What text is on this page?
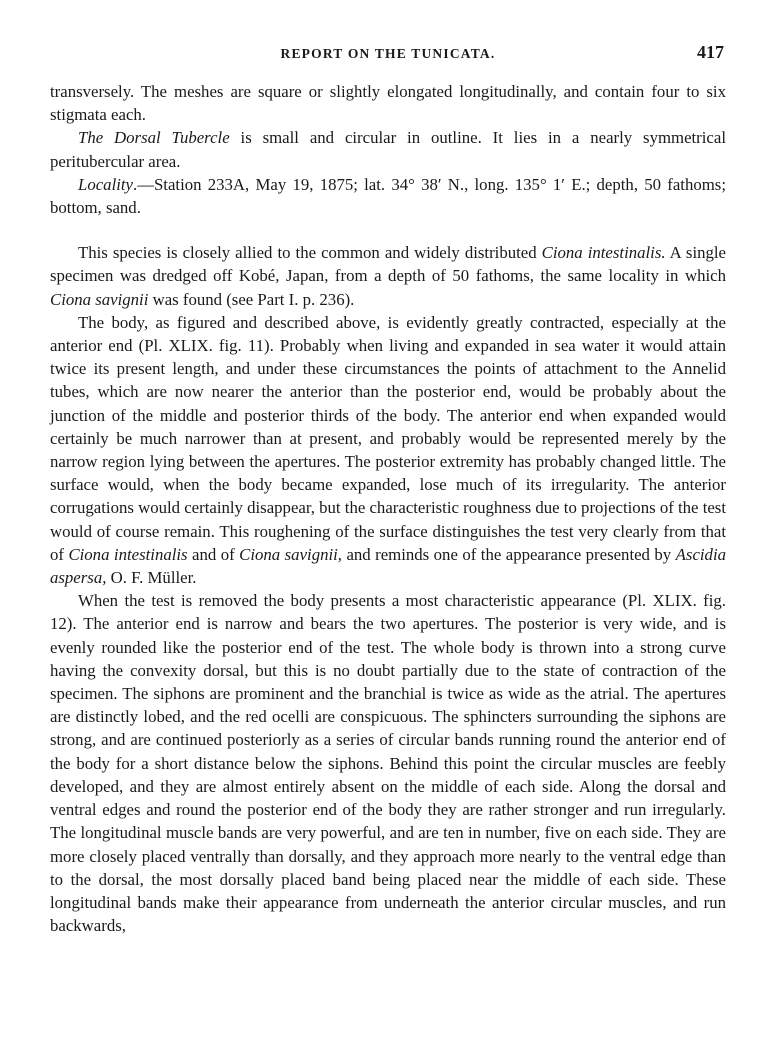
REPORT ON THE TUNICATA.	417

transversely. The meshes are square or slightly elongated longitudinally, and contain four to six stigmata each.

The Dorsal Tubercle is small and circular in outline. It lies in a nearly symmetrical peritubercular area.

Locality.—Station 233A, May 19, 1875; lat. 34° 38′ N., long. 135° 1′ E.; depth, 50 fathoms; bottom, sand.

This species is closely allied to the common and widely distributed Ciona intestinalis. A single specimen was dredged off Kobé, Japan, from a depth of 50 fathoms, the same locality in which Ciona savignii was found (see Part I. p. 236).

The body, as figured and described above, is evidently greatly contracted, especially at the anterior end (Pl. XLIX. fig. 11). Probably when living and expanded in sea water it would attain twice its present length, and under these circumstances the points of attachment to the Annelid tubes, which are now nearer the anterior than the posterior end, would be probably about the junction of the middle and posterior thirds of the body. The anterior end when expanded would certainly be much narrower than at present, and probably would be represented merely by the narrow region lying between the apertures. The posterior extremity has probably changed little. The surface would, when the body became expanded, lose much of its irregularity. The anterior corrugations would certainly disappear, but the characteristic roughness due to projections of the test would of course remain. This roughening of the surface distinguishes the test very clearly from that of Ciona intestinalis and of Ciona savignii, and reminds one of the appearance presented by Ascidia aspersa, O. F. Müller.

When the test is removed the body presents a most characteristic appearance (Pl. XLIX. fig. 12). The anterior end is narrow and bears the two apertures. The posterior is very wide, and is evenly rounded like the posterior end of the test. The whole body is thrown into a strong curve having the convexity dorsal, but this is no doubt partially due to the state of contraction of the specimen. The siphons are prominent and the branchial is twice as wide as the atrial. The apertures are distinctly lobed, and the red ocelli are conspicuous. The sphincters surrounding the siphons are strong, and are continued posteriorly as a series of circular bands running round the anterior end of the body for a short distance below the siphons. Behind this point the circular muscles are feebly developed, and they are almost entirely absent on the middle of each side. Along the dorsal and ventral edges and round the posterior end of the body they are rather stronger and run irregularly. The longitudinal muscle bands are very powerful, and are ten in number, five on each side. They are more closely placed ventrally than dorsally, and they approach more nearly to the ventral edge than to the dorsal, the most dorsally placed band being placed near the middle of each side. These longitudinal bands make their appearance from underneath the anterior circular muscles, and run backwards,
